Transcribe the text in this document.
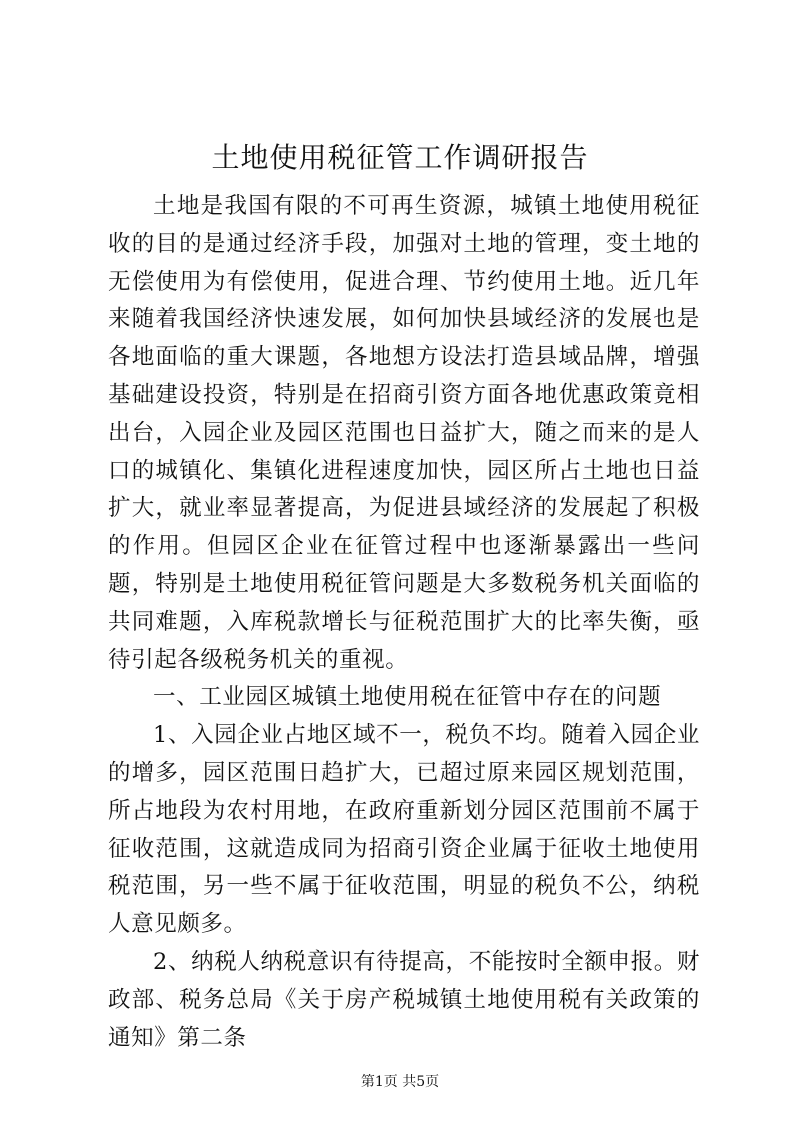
土地使用税征管工作调研报告

土地是我国有限的不可再生资源，城镇土地使用税征收的目的是通过经济手段，加强对土地的管理，变土地的无偿使用为有偿使用，促进合理、节约使用土地。近几年来随着我国经济快速发展，如何加快县域经济的发展也是各地面临的重大课题，各地想方设法打造县域品牌，增强基础建设投资，特别是在招商引资方面各地优惠政策竟相出台，入园企业及园区范围也日益扩大，随之而来的是人口的城镇化、集镇化进程速度加快，园区所占土地也日益扩大，就业率显著提高，为促进县域经济的发展起了积极的作用。但园区企业在征管过程中也逐渐暴露出一些问题，特别是土地使用税征管问题是大多数税务机关面临的共同难题，入库税款增长与征税范围扩大的比率失衡，亟待引起各级税务机关的重视。

一、工业园区城镇土地使用税在征管中存在的问题

1、入园企业占地区域不一，税负不均。随着入园企业的增多，园区范围日趋扩大，已超过原来园区规划范围，所占地段为农村用地，在政府重新划分园区范围前不属于征收范围，这就造成同为招商引资企业属于征收土地使用税范围，另一些不属于征收范围，明显的税负不公，纳税人意见颇多。

2、纳税人纳税意识有待提高，不能按时全额申报。财政部、税务总局《关于房产税城镇土地使用税有关政策的通知》第二条

第1页 共5页
